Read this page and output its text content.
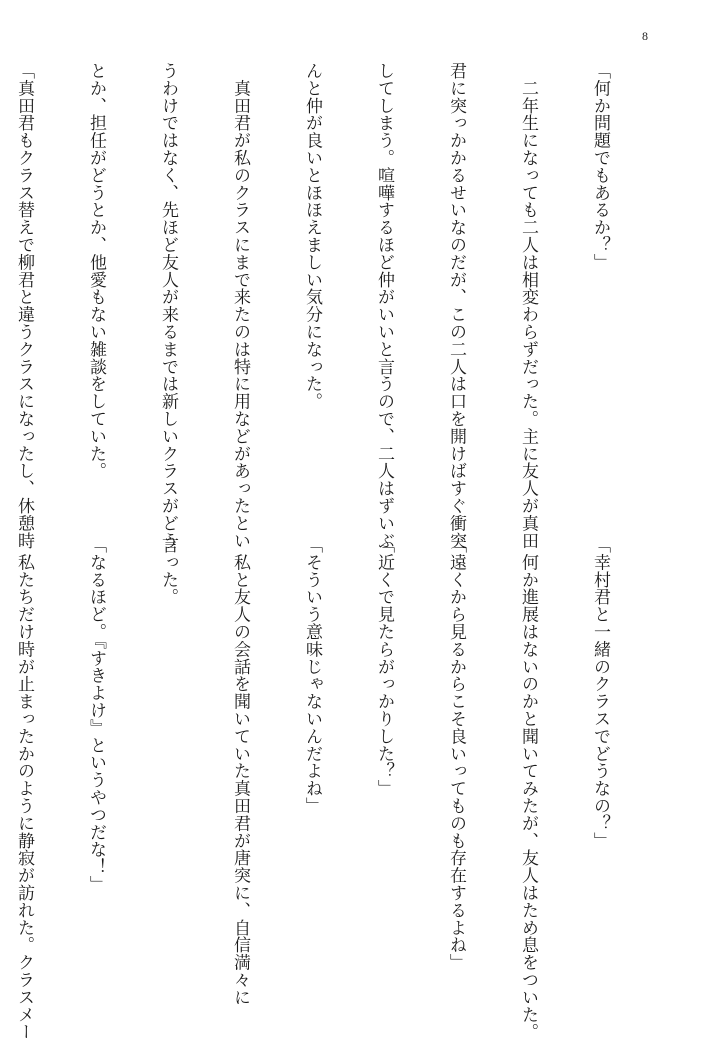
8

「何か問題でもあるか？」

　二年生になっても二人は相変わらずだった。主に友人が真田

君に突っかかるせいなのだが、この二人は口を開けばすぐ衝突

してしまう。喧嘩するほど仲がいいと言うので、二人はずいぶ

んと仲が良いとほほえましい気分になった。

　真田君が私のクラスにまで来たのは特に用などがあったとい

うわけではなく、先ほど友人が来るまでは新しいクラスがどう

とか、担任がどうとか、他愛もない雑談をしていた。

「真田君もクラス替えで柳君と違うクラスになったし、休憩時

「幸村君と一緒のクラスでどうなの？」

　何か進展はないのかと聞いてみたが、友人はため息をついた。

「遠くから見るからこそ良いってものも存在するよね」

「近くで見たらがっかりした？」

「そういう意味じゃないんだよね」

　私と友人の会話を聞いていた真田君が唐突に、自信満々に

言った。

「なるほど。『すきよけ』というやつだな！」

　私たちだけ時が止まったかのように静寂が訪れた。クラスメー
